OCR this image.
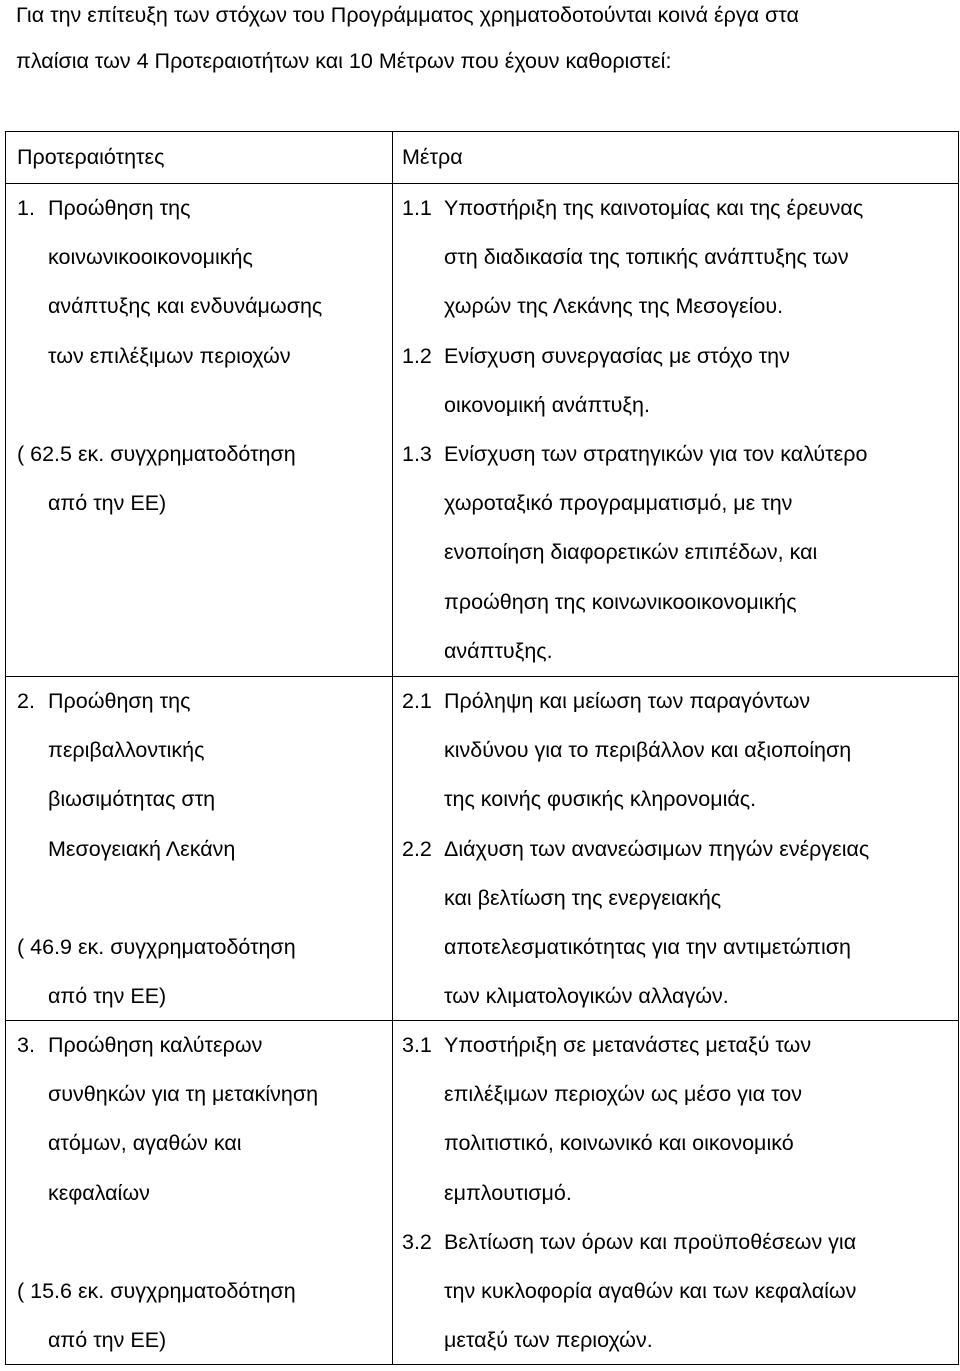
Για την επίτευξη των στόχων του Προγράμματος χρηματοδοτούνται κοινά έργα στα
πλαίσια των 4 Προτεραιοτήτων και 10 Μέτρων που έχουν καθοριστεί:

Προτεραιότητες	Μέτρα
1. Προώθηση της
κοινωνικοοικονομικής
ανάπτυξης και ενδυνάμωσης
των επιλέξιμων περιοχών
( 62.5 εκ. συγχρηματοδότηση
από την ΕΕ)
1.1 Υποστήριξη της καινοτομίας και της έρευνας
στη διαδικασία της τοπικής ανάπτυξης των
χωρών της Λεκάνης της Μεσογείου.
1.2 Ενίσχυση συνεργασίας με στόχο την
οικονομική ανάπτυξη.
1.3 Ενίσχυση των στρατηγικών για τον καλύτερο
χωροταξικό προγραμματισμό, με την
ενοποίηση διαφορετικών επιπέδων, και
προώθηση της κοινωνικοοικονομικής
ανάπτυξης.
2. Προώθηση της
περιβαλλοντικής
βιωσιμότητας στη
Μεσογειακή Λεκάνη
( 46.9 εκ. συγχρηματοδότηση
από την ΕΕ)
2.1 Πρόληψη και μείωση των παραγόντων
κινδύνου για το περιβάλλον και αξιοποίηση
της κοινής φυσικής κληρονομιάς.
2.2 Διάχυση των ανανεώσιμων πηγών ενέργειας
και βελτίωση της ενεργειακής
αποτελεσματικότητας για την αντιμετώπιση
των κλιματολογικών αλλαγών.
3. Προώθηση καλύτερων
συνθηκών για τη μετακίνηση
ατόμων, αγαθών και
κεφαλαίων
( 15.6 εκ. συγχρηματοδότηση
από την ΕΕ)
3.1 Υποστήριξη σε μετανάστες μεταξύ των
επιλέξιμων περιοχών ως μέσο για τον
πολιτιστικό, κοινωνικό και οικονομικό
εμπλουτισμό.
3.2 Βελτίωση των όρων και προϋποθέσεων για
την κυκλοφορία αγαθών και των κεφαλαίων
μεταξύ των περιοχών.
